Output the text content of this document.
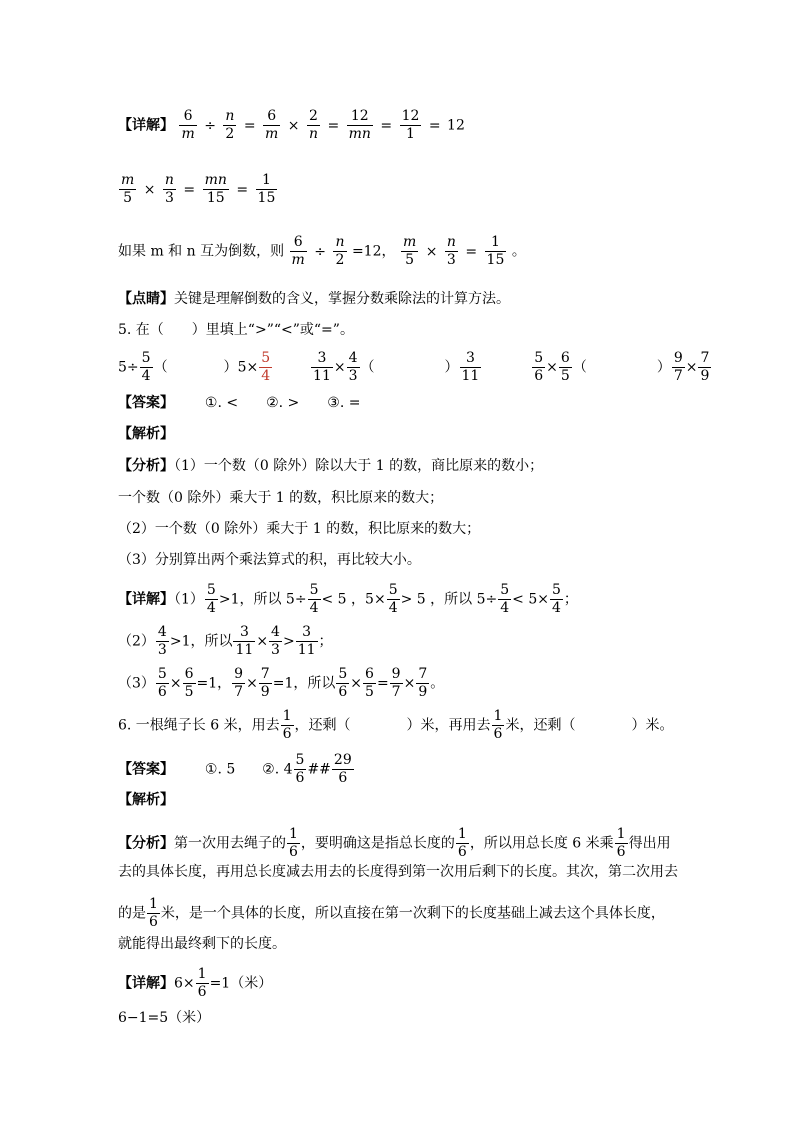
【详解】 $\frac{6}{m} \div \frac{n}{2} = \frac{6}{m} \times \frac{2}{n} = \frac{12}{mn} = \frac{12}{1} = 12$
$\frac{m}{5} \times \frac{n}{3} = \frac{mn}{15} = \frac{1}{15}$
如果 m 和 n 互为倒数，则 $\frac{6}{m} \div \frac{n}{2} =12$， $\frac{m}{5} \times \frac{n}{3} = \frac{1}{15}$ 。
【点睛】关键是理解倒数的含义，掌握分数乘除法的计算方法。
5. 在（　　）里填上“>”“<”或“=”。
$5\div \frac{5}{4}$ （　　　　）$5\times \frac{5}{4}$
	$\frac{3}{11} \times \frac{4}{3}$ （　　　　　） $\frac{3}{11}$
	$\frac{5}{6} \times \frac{6}{5}$ （　　　　　） $\frac{9}{7} \times \frac{7}{9}$
【答案】 ①. <　　②. >　　③. =
【解析】
【分析】（1）一个数（0 除外）除以大于 1 的数，商比原来的数小；
一个数（0 除外）乘大于 1 的数，积比原来的数大；
（2）一个数（0 除外）乘大于 1 的数，积比原来的数大；
（3）分别算出两个乘法算式的积，再比较大小。
【详解】$(1) \frac{5}{4} >1$，所以 $5\div \frac{5}{4} < 5$ ，$5\times \frac{5}{4} > 5$ ，所以 $5\div \frac{5}{4} < 5\times \frac{5}{4}$ ；
$(2) \frac{4}{3} >1$，所以 $\frac{3}{11} \times \frac{4}{3} > \frac{3}{11}$ ；
$(3) \frac{5}{6} \times \frac{6}{5} =1$， $\frac{9}{7} \times \frac{7}{9} =1$，所以 $\frac{5}{6} \times \frac{6}{5} = \frac{9}{7} \times \frac{7}{9}$ 。
6. 一根绳子长 6 米，用去 $\frac{1}{6}$ ，还剩（　　　　）米，再用去 $\frac{1}{6}$ 米，还剩（　　　　）米。
【答案】 ①. 5 ②. $4 \frac{5}{6}$ ## $\frac{29}{6}$
【解析】
【分析】第一次用去绳子的 $\frac{1}{6}$ ，要明确这是指总长度的 $\frac{1}{6}$ ，所以用总长度 6 米乘 $\frac{1}{6}$ 得出用
去的具体长度，再用总长度减去用去的长度得到第一次用后剩下的长度。其次，第二次用去
的是 $\frac{1}{6}$ 米，是一个具体的长度，所以直接在第一次剩下的长度基础上减去这个具体长度，
就能得出最终剩下的长度。
【详解】$6\times \frac{1}{6} =1$（米）
6−1=5（米）
